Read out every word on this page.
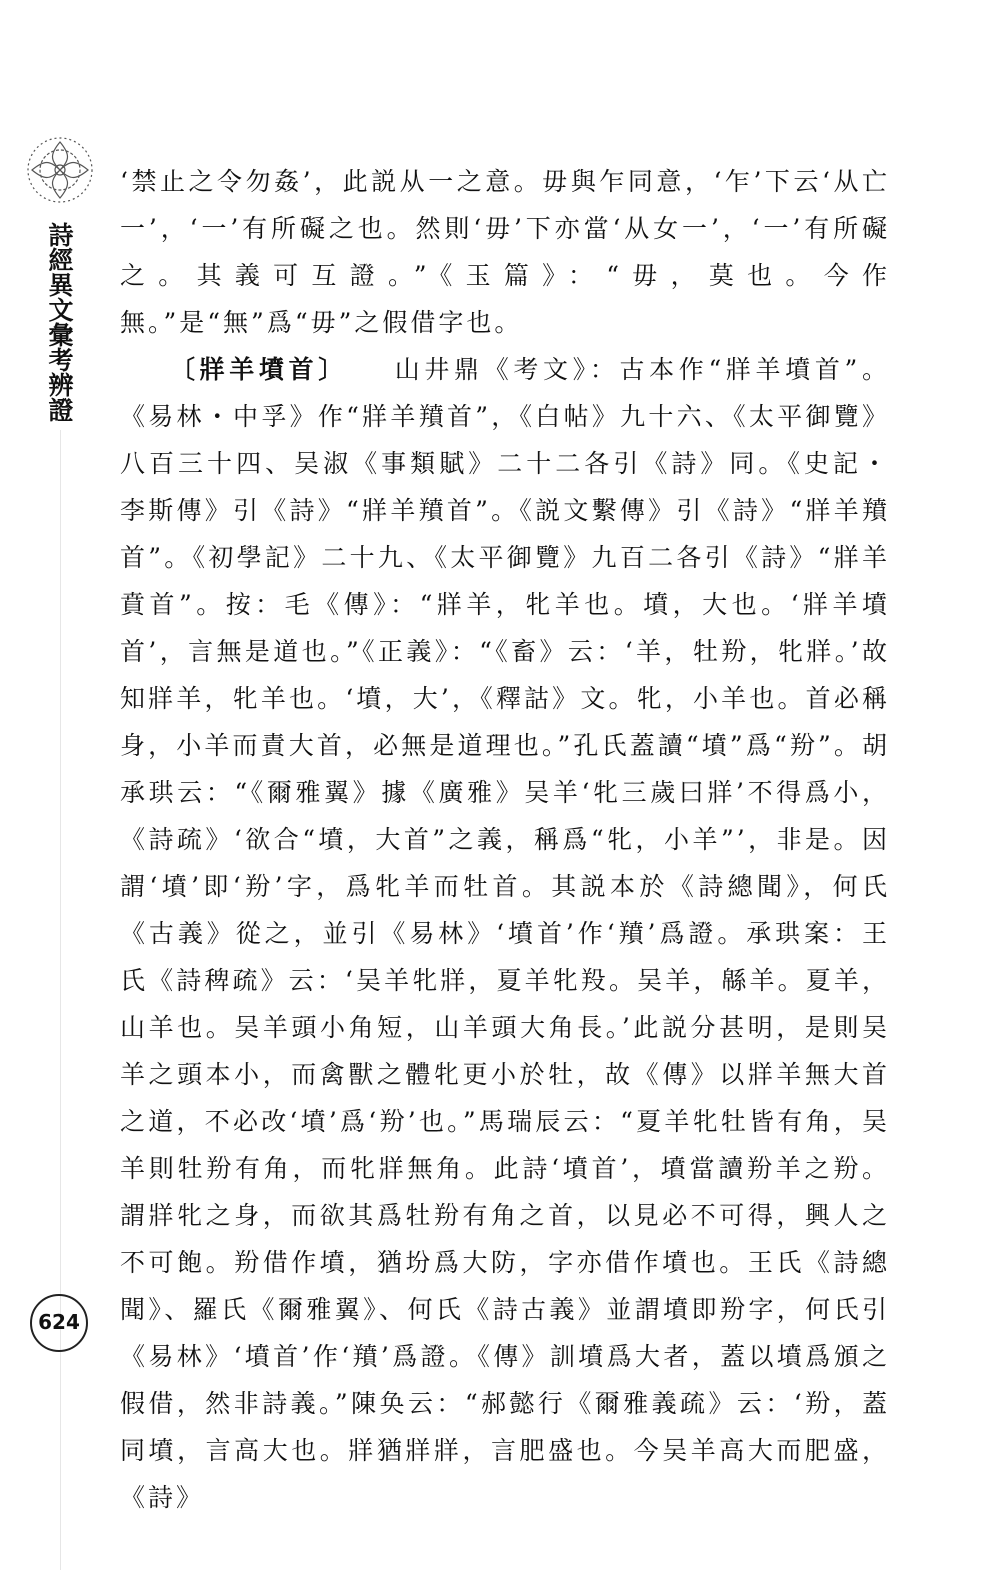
詩經異文彙考辨證

‘禁止之令勿姦’，此説从一之意。毋與乍同意，‘乍’下云‘从亡一’，‘一’有所礙之也。然則‘毋’下亦當‘从女一’，‘一’有所礙之。其義可互證。”《玉篇》：“毋，莫也。今作無。”是“無”爲“毋”之假借字也。

〔牂羊墳首〕　　 山井鼎《考文》：古本作“牂羊墳首”。《易林・中孚》作“牂羊羵首”，《白帖》九十六、《太平御覽》八百三十四、吴淑《事類賦》二十二各引《詩》同。《史記・李斯傳》引《詩》“牂羊羵首”。《説文繫傳》引《詩》“牂羊羵首”。《初學記》二十九、《太平御覽》九百二各引《詩》“牂羊賁首”。按：毛《傳》：“牂羊，牝羊也。墳，大也。‘牂羊墳首’，言無是道也。”《正義》：“《畜》云：‘羊，牡羒，牝牂。’故知牂羊，牝羊也。‘墳，大’，《釋詁》文。牝，小羊也。首必稱身，小羊而責大首，必無是道理也。”孔氏蓋讀“墳”爲“羒”。胡承珙云：“《爾雅翼》據《廣雅》吴羊‘牝三歲曰牂’不得爲小，《詩疏》‘欲合“墳，大首”之義，稱爲“牝，小羊”’，非是。因謂‘墳’即‘羒’字，爲牝羊而牡首。其説本於《詩總聞》，何氏《古義》從之，並引《易林》‘墳首’作‘羵’爲證。承珙案：王氏《詩稗疏》云：‘吴羊牝牂，夏羊牝羖。吴羊，緜羊。夏羊，山羊也。吴羊頭小角短，山羊頭大角長。’此説分甚明，是則吴羊之頭本小，而禽獸之體牝更小於牡，故《傳》以牂羊無大首之道，不必改‘墳’爲‘羒’也。”馬瑞辰云：“夏羊牝牡皆有角，吴羊則牡羒有角，而牝牂無角。此詩‘墳首’，墳當讀羒羊之羒。謂牂牝之身，而欲其爲牡羒有角之首，以見必不可得，興人之不可飽。羒借作墳，猶坋爲大防，字亦借作墳也。王氏《詩總聞》、羅氏《爾雅翼》、何氏《詩古義》並謂墳即羒字，何氏引《易林》‘墳首’作‘羵’爲證。《傳》訓墳爲大者，蓋以墳爲頒之假借，然非詩義。”陳奂云：“郝懿行《爾雅義疏》云：‘羒，蓋同墳，言高大也。牂猶牂牂，言肥盛也。今吴羊高大而肥盛，《詩》

624
